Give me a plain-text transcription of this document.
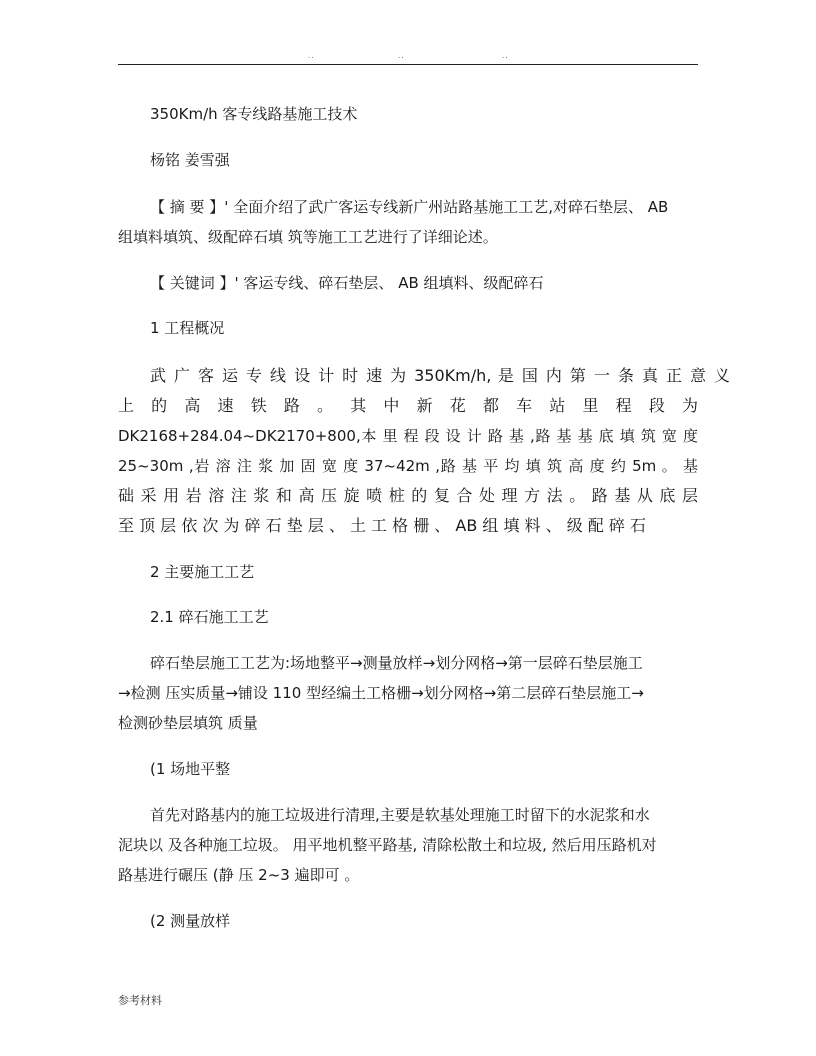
..	..	..
350Km/h 客专线路基施工技术
杨铭 姜雪强
【 摘 要 】' 全面介绍了武广客运专线新广州站路基施工工艺,对碎石垫层、 AB
组填料填筑、级配碎石填 筑等施工工艺进行了详细论述。
【 关键词 】' 客运专线、碎石垫层、 AB 组填料、级配碎石
1 工程概况
武 广 客 运 专 线 设 计 时 速 为 350Km/h, 是 国 内 第 一 条 真 正 意 义
上 的 高 速 铁 路 。 其 中 新 花 都 车 站 里 程 段 为
DK2168+284.04~DK2170+800,本 里 程 段 设 计 路 基 ,路 基 基 底 填 筑 宽 度
25~30m ,岩 溶 注 浆 加 固 宽 度 37~42m ,路 基 平 均 填 筑 高 度 约 5m 。 基
础 采 用 岩 溶 注 浆 和 高 压 旋 喷 桩 的 复 合 处 理 方 法 。 路 基 从 底 层
至 顶 层 依 次 为 碎 石 垫 层 、 土 工 格 栅 、 AB 组 填 料 、 级 配 碎 石
2 主要施工工艺
2.1 碎石施工工艺
碎石垫层施工工艺为:场地整平→测量放样→划分网格→第一层碎石垫层施工
→检测 压实质量→铺设 110 型经编土工格栅→划分网格→第二层碎石垫层施工→
检测砂垫层填筑 质量
(1 场地平整
首先对路基内的施工垃圾进行清理,主要是软基处理施工时留下的水泥浆和水
泥块以 及各种施工垃圾。 用平地机整平路基, 清除松散土和垃圾, 然后用压路机对
路基进行碾压 (静 压 2~3 遍即可 。
(2 测量放样
参考材料
